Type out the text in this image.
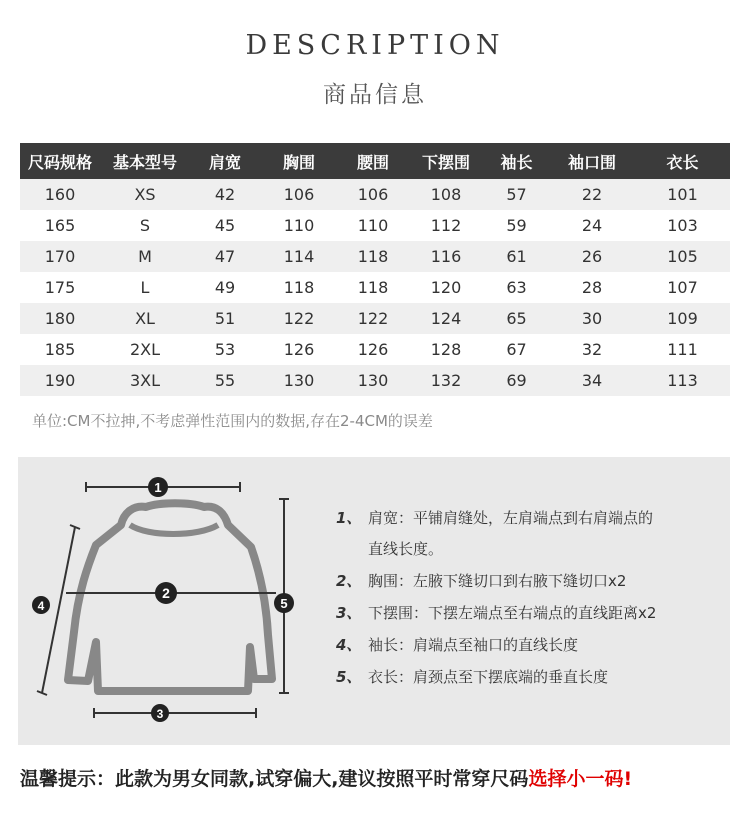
DESCRIPTION
商品信息
尺码规格	基本型号	肩宽	胸围	腰围	下摆围	袖长	袖口围	衣长
160	XS	42	106	106	108	57	22	101
165	S	45	110	110	112	59	24	103
170	M	47	114	118	116	61	26	105
175	L	49	118	118	120	63	28	107
180	XL	51	122	122	124	65	30	109
185	2XL	53	126	126	128	67	32	111
190	3XL	55	130	130	132	69	34	113
单位:CM不拉抻,不考虑弹性范围内的数据,存在2-4CM的误差
1
2
3
4	5
1、 肩宽：平铺肩缝处，左肩端点到右肩端点的
直线长度。
2、 胸围：左腋下缝切口到右腋下缝切口x2
3、 下摆围：下摆左端点至右端点的直线距离x2
4、 袖长：肩端点至袖口的直线长度
5、 衣长：肩颈点至下摆底端的垂直长度
温馨提示：此款为男女同款,试穿偏大,建议按照平时常穿尺码选择小一码!
